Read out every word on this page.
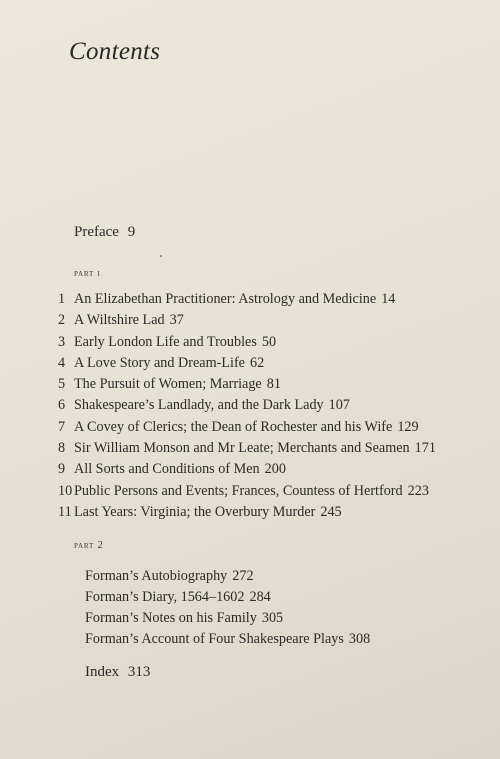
Contents
Preface 9
part i
1 An Elizabethan Practitioner: Astrology and Medicine 14
2 A Wiltshire Lad 37
3 Early London Life and Troubles 50
4 A Love Story and Dream-Life 62
5 The Pursuit of Women; Marriage 81
6 Shakespeare’s Landlady, and the Dark Lady 107
7 A Covey of Clerics; the Dean of Rochester and his Wife 129
8 Sir William Monson and Mr Leate; Merchants and Seamen 171
9 All Sorts and Conditions of Men 200
10 Public Persons and Events; Frances, Countess of Hertford 223
11 Last Years: Virginia; the Overbury Murder 245
part 2
Forman’s Autobiography 272
Forman’s Diary, 1564–1602 284
Forman’s Notes on his Family 305
Forman’s Account of Four Shakespeare Plays 308
Index 313
